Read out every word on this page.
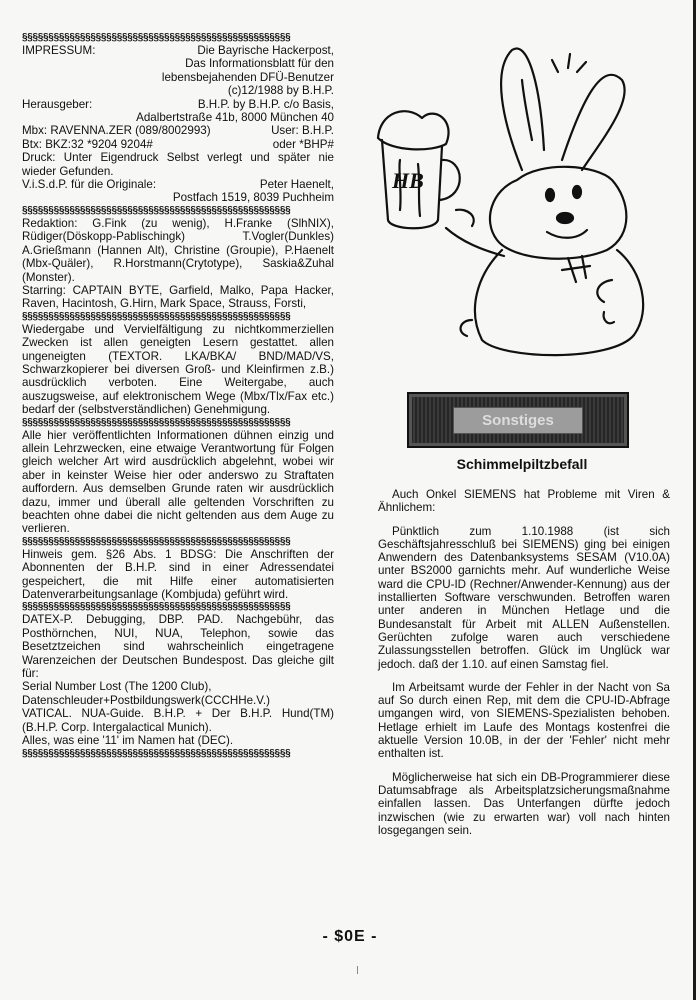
§§§§§§§§§§§§§§§§§§§§§§§§§§§§§§§§§§§§§§§§§§§§§§§§§§§
IMPRESSUM:	Die Bayrische Hackerpost,
Das Informationsblatt für den
lebensbejahenden DFÜ-Benutzer
(c)12/1988 by B.H.P.
Herausgeber:	B.H.P. by B.H.P. c/o Basis,
Adalbertstraße 41b, 8000 München 40
Mbx: RAVENNA.ZER (089/8002993)	User: B.H.P.
Btx: BKZ:32 *9204 9204#	oder *BHP#
Druck: Unter Eigendruck Selbst verlegt und später nie wieder Gefunden.
V.i.S.d.P. für die Originale:	Peter Haenelt,
Postfach 1519, 8039 Puchheim
§§§§§§§§§§§§§§§§§§§§§§§§§§§§§§§§§§§§§§§§§§§§§§§§§§§
Redaktion: G.Fink (zu wenig), H.Franke (SlhNIX), Rüdiger(Döskopp-Pablischingk) T.Vogler(Dunkles) A.Grießmann (Hannen Alt), Christine (Groupie), P.Haenelt (Mbx-Quäler), R.Horstmann(Crytotype), Saskia&Zuhal (Monster).
Starring: CAPTAIN BYTE, Garfield, Malko, Papa Hacker, Raven, Hacintosh, G.Hirn, Mark Space, Strauss, Forsti,
§§§§§§§§§§§§§§§§§§§§§§§§§§§§§§§§§§§§§§§§§§§§§§§§§§§
Wiedergabe und Vervielfältigung zu nichtkommerziellen Zwecken ist allen geneigten Lesern gestattet. allen ungeneigten (TEXTOR. LKA/BKA/ BND/MAD/VS, Schwarzkopierer bei diversen Groß- und Kleinfirmen z.B.) ausdrücklich verboten. Eine Weitergabe, auch auszugsweise, auf elektronischem Wege (Mbx/Tlx/Fax etc.) bedarf der (selbstverständlichen) Genehmigung.
§§§§§§§§§§§§§§§§§§§§§§§§§§§§§§§§§§§§§§§§§§§§§§§§§§§
Alle hier veröffentlichten Informationen dühnen einzig und allein Lehrzwecken, eine etwaige Verantwortung für Folgen gleich welcher Art wird ausdrücklich abgelehnt, wobei wir aber in keinster Weise hier oder anderswo zu Straftaten auffordern. Aus demselben Grunde raten wir ausdrücklich dazu, immer und überall alle geltenden Vorschriften zu beachten ohne dabei die nicht geltenden aus dem Auge zu verlieren.
§§§§§§§§§§§§§§§§§§§§§§§§§§§§§§§§§§§§§§§§§§§§§§§§§§§
Hinweis gem. §26 Abs. 1 BDSG: Die Anschriften der Abonnenten der B.H.P. sind in einer Adressendatei gespeichert, die mit Hilfe einer automatisierten Datenverarbeitungsanlage (Kombjuda) geführt wird.
§§§§§§§§§§§§§§§§§§§§§§§§§§§§§§§§§§§§§§§§§§§§§§§§§§§
DATEX-P. Debugging, DBP. PAD. Nachgebühr, das Posthörnchen, NUI, NUA, Telephon, sowie das Besetztzeichen sind wahrscheinlich eingetragene Warenzeichen der Deutschen Bundespost. Das gleiche gilt für:
Serial Number Lost (The 1200 Club),
Datenschleuder+Postbildungswerk(CCCHHe.V.)
VATICAL. NUA-Guide. B.H.P. + Der B.H.P. Hund(TM) (B.H.P. Corp. Intergalactical Munich).
Alles, was eine '11' im Namen hat (DEC).
§§§§§§§§§§§§§§§§§§§§§§§§§§§§§§§§§§§§§§§§§§§§§§§§§§§
HB
Sonstiges
Schimmelpiltzbefall

Auch Onkel SIEMENS hat Probleme mit Viren & Ähnlichem:

Pünktlich zum 1.10.1988 (ist sich Geschäftsjahresschluß bei SIEMENS) ging bei einigen Anwendern des Datenbanksystems SESAM (V10.0A) unter BS2000 garnichts mehr. Auf wunderliche Weise ward die CPU-ID (Rechner/Anwender-Kennung) aus der installierten Software verschwunden. Betroffen waren unter anderen in München Hetlage und die Bundesanstalt für Arbeit mit ALLEN Außenstellen. Gerüchten zufolge waren auch verschiedene Zulassungsstellen betroffen. Glück im Unglück war jedoch. daß der 1.10. auf einen Samstag fiel.

Im Arbeitsamt wurde der Fehler in der Nacht von Sa auf So durch einen Rep, mit dem die CPU-ID-Abfrage umgangen wird, von SIEMENS-Spezialisten behoben. Hetlage erhielt im Laufe des Montags kostenfrei die aktuelle Version 10.0B, in der der 'Fehler' nicht mehr enthalten ist.

Möglicherweise hat sich ein DB-Programmierer diese Datumsabfrage als Arbeitsplatzsicherungsmaßnahme einfallen lassen. Das Unterfangen dürfte jedoch inzwischen (wie zu erwarten war) voll nach hinten losgegangen sein.

- $0E -
